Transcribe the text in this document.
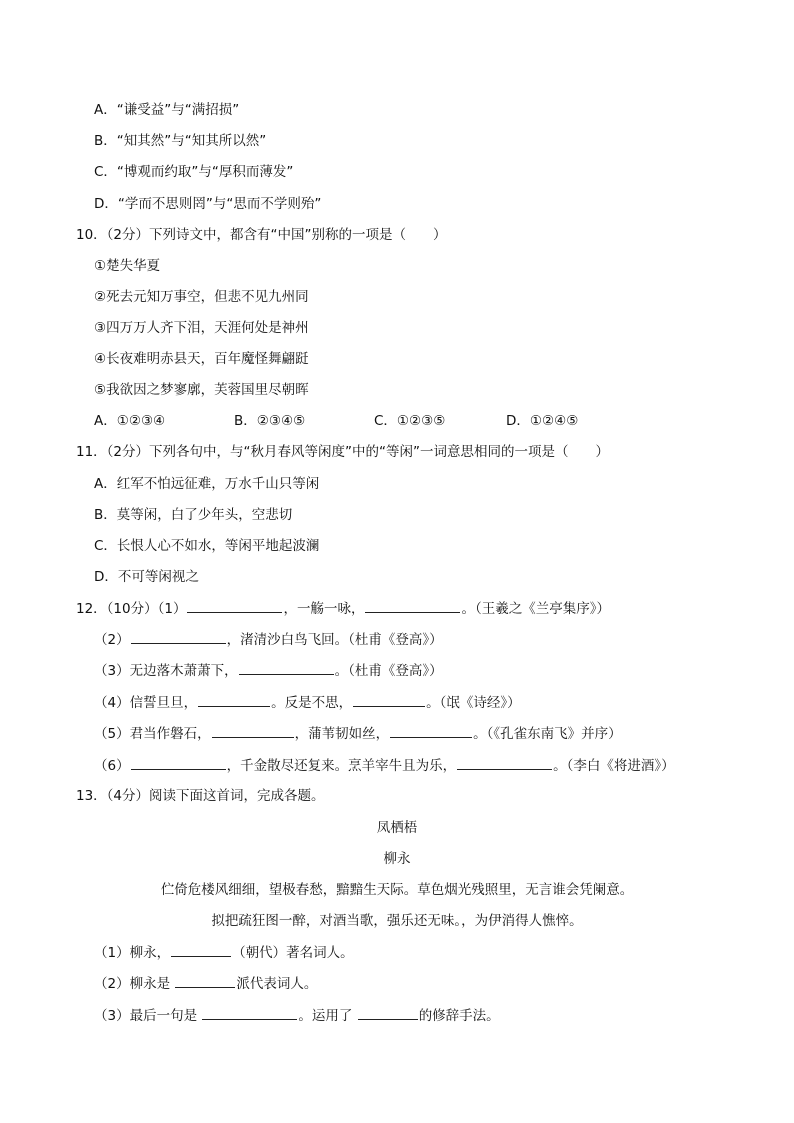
A．“谦受益”与“满招损”
B．“知其然”与“知其所以然”
C．“博观而约取”与“厚积而薄发”
D．“学而不思则罔”与“思而不学则殆”
10．（2分）下列诗文中，都含有“中国”别称的一项是（　　）
①楚失华夏
②死去元知万事空，但悲不见九州同
③四万万人齐下泪，天涯何处是神州
④长夜难明赤县天，百年魔怪舞翩跹
⑤我欲因之梦寥廓，芙蓉国里尽朝晖
A．①②③④	B．②③④⑤	C．①②③⑤	D．①②④⑤
11．（2分）下列各句中，与“秋月春风等闲度”中的“等闲”一词意思相同的一项是（　　）
A．红军不怕远征难，万水千山只等闲
B．莫等闲，白了少年头，空悲切
C．长恨人心不如水，等闲平地起波澜
D．不可等闲视之
12．（10分）（1）	，一觞一咏，	。（王羲之《兰亭集序》）
（2）	，渚清沙白鸟飞回。（杜甫《登高》）
（3）无边落木萧萧下，	。（杜甫《登高》）
（4）信誓旦旦，	。反是不思，	。（氓《诗经》）
（5）君当作磐石，	，蒲苇韧如丝，	。（《孔雀东南飞》并序）
（6）	，千金散尽还复来。烹羊宰牛且为乐，	。（李白《将进酒》）
13．（4分）阅读下面这首词，完成各题。
凤栖梧
柳永
伫倚危楼风细细，望极春愁，黯黯生天际。草色烟光残照里，无言谁会凭阑意。
拟把疏狂图一醉，对酒当歌，强乐还无味。，为伊消得人憔悴。
（1）柳永，	（朝代）著名词人。
（2）柳永是	派代表词人。
（3）最后一句是	。运用了	的修辞手法。
